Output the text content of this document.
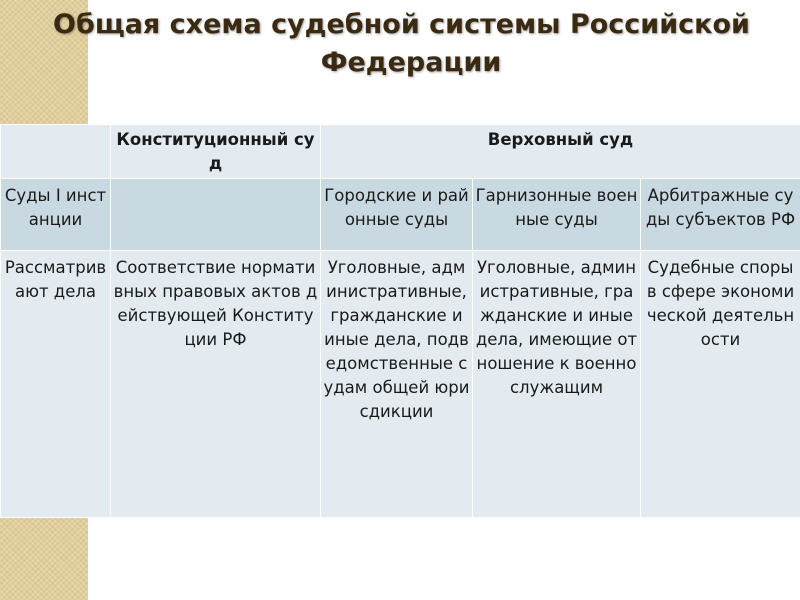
Общая схема судебной системы Российской
Федерации
	Конституционный суд	Верховный суд		
Суды I инстанции		Городские и районные суды	Гарнизонные военные суды	Арбитражные суды субъектов РФ
Рассматривают дела	Соответствие нормативных правовых актов действующей Конституции РФ	Уголовные, административные, гражданские и иные дела, подведомственные судам общей юрисдикции	Уголовные, административные, гражданские и иные дела, имеющие отношение к военнослужащим	Судебные споры в сфере экономической деятельности
